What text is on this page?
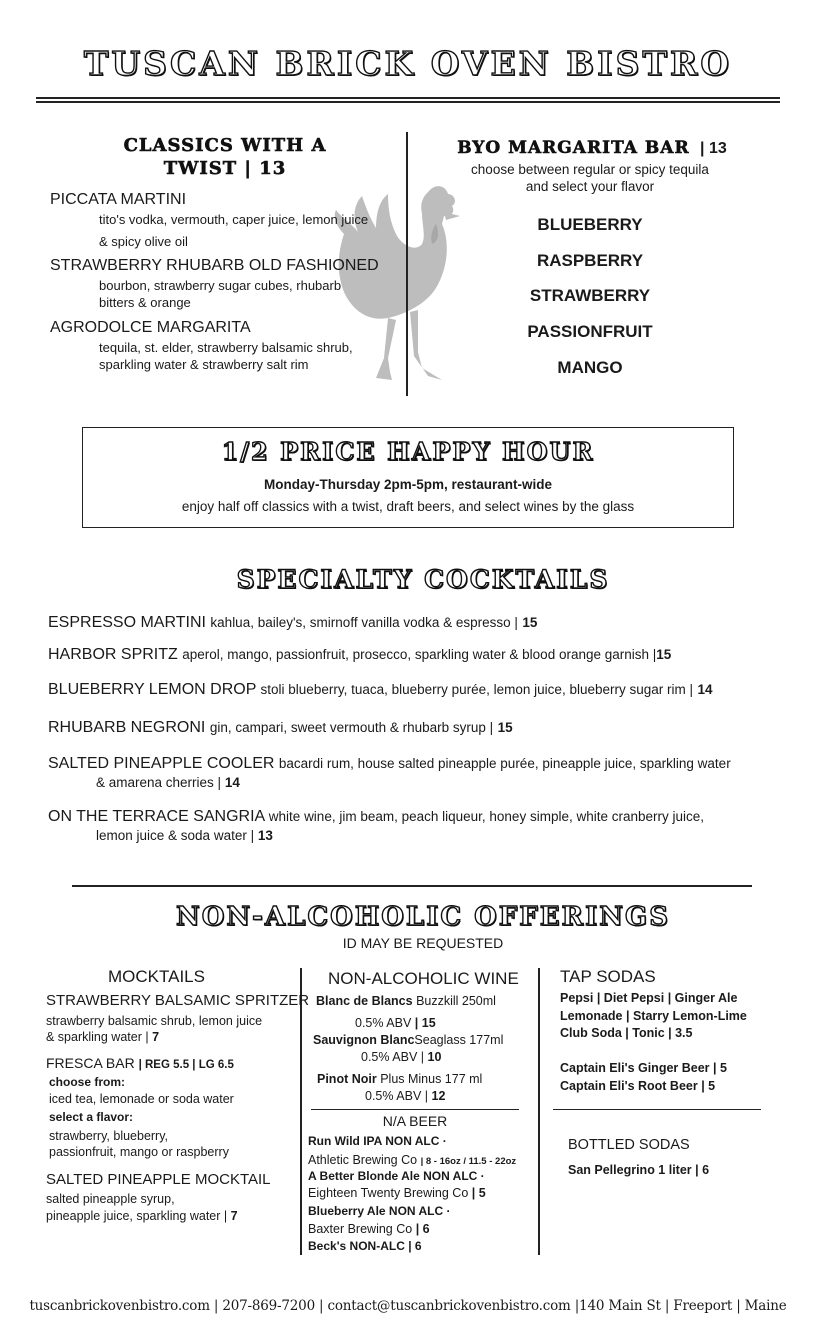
TUSCAN BRICK OVEN BISTRO
CLASSICS WITH A
TWIST | 13
PICCATA MARTINI
tito's vodka, vermouth, caper juice, lemon juice
& spicy olive oil
STRAWBERRY RHUBARB OLD FASHIONED
bourbon, strawberry sugar cubes, rhubarb
bitters & orange
AGRODOLCE MARGARITA
tequila, st. elder, strawberry balsamic shrub,
sparkling water & strawberry salt rim
BYO MARGARITA BAR | 13
choose between regular or spicy tequila
and select your flavor
BLUEBERRY
RASPBERRY
STRAWBERRY
PASSIONFRUIT
MANGO
1/2 PRICE HAPPY HOUR
Monday-Thursday 2pm-5pm, restaurant-wide
enjoy half off classics with a twist, draft beers, and select wines by the glass
SPECIALTY COCKTAILS
ESPRESSO MARTINI kahlua, bailey's, smirnoff vanilla vodka & espresso | 15
HARBOR SPRITZ aperol, mango, passionfruit, prosecco, sparkling water & blood orange garnish |15
BLUEBERRY LEMON DROP stoli blueberry, tuaca, blueberry purée, lemon juice, blueberry sugar rim | 14
RHUBARB NEGRONI gin, campari, sweet vermouth & rhubarb syrup | 15
SALTED PINEAPPLE COOLER bacardi rum, house salted pineapple purée, pineapple juice, sparkling water
& amarena cherries | 14
ON THE TERRACE SANGRIA white wine, jim beam, peach liqueur, honey simple, white cranberry juice,
lemon juice & soda water | 13
NON-ALCOHOLIC OFFERINGS
ID MAY BE REQUESTED
MOCKTAILS
STRAWBERRY BALSAMIC SPRITZER
strawberry balsamic shrub, lemon juice
& sparkling water | 7
FRESCA BAR | REG 5.5 | LG 6.5
choose from:
iced tea, lemonade or soda water
select a flavor:
strawberry, blueberry,
passionfruit, mango or raspberry
SALTED PINEAPPLE MOCKTAIL
salted pineapple syrup,
pineapple juice, sparkling water | 7
NON-ALCOHOLIC WINE
Blanc de Blancs Buzzkill 250ml
0.5% ABV | 15
Sauvignon BlancSeaglass 177ml
0.5% ABV | 10
Pinot Noir Plus Minus 177 ml
0.5% ABV | 12
N/A BEER
Run Wild IPA NON ALC ·
Athletic Brewing Co | 8 - 16oz / 11.5 - 22oz
A Better Blonde Ale NON ALC ·
Eighteen Twenty Brewing Co | 5
Blueberry Ale NON ALC ·
Baxter Brewing Co | 6
Beck's NON-ALC | 6
TAP SODAS
Pepsi | Diet Pepsi | Ginger Ale
Lemonade | Starry Lemon-Lime
Club Soda | Tonic | 3.5
Captain Eli's Ginger Beer | 5
Captain Eli's Root Beer | 5
BOTTLED SODAS
San Pellegrino 1 liter | 6
tuscanbrickovenbistro.com | 207-869-7200 | contact@tuscanbrickovenbistro.com |140 Main St | Freeport | Maine
